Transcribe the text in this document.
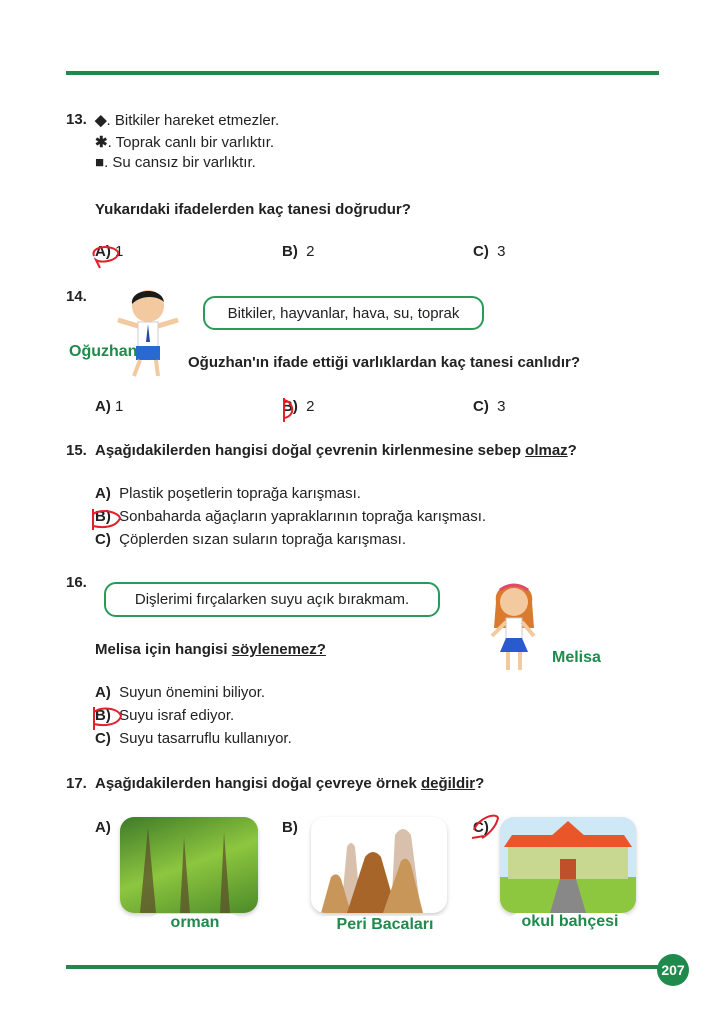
13. ◆. Bitkiler hareket etmezler.
✱. Toprak canlı bir varlıktır.
■. Su cansız bir varlıktır.
Yukarıdaki ifadelerden kaç tanesi doğrudur?
A) 1	B) 2	C) 3
14.
Bitkiler, hayvanlar, hava, su, toprak
Oğuzhan
Oğuzhan'ın ifade ettiği varlıklardan kaç tanesi canlıdır?
A) 1	B) 2	C) 3
15. Aşağıdakilerden hangisi doğal çevrenin kirlenmesine sebep olmaz?
A) Plastik poşetlerin toprağa karışması.
B) Sonbaharda ağaçların yapraklarının toprağa karışması.
C) Çöplerden sızan suların toprağa karışması.
16.
Dişlerimi fırçalarken suyu açık bırakmam.
Melisa
Melisa için hangisi söylenemez?
A) Suyun önemini biliyor.
B) Suyu israf ediyor.
C) Suyu tasarruflu kullanıyor.
17. Aşağıdakilerden hangisi doğal çevreye örnek değildir?
A)
orman
B)
Peri Bacaları
C)
okul bahçesi
207
